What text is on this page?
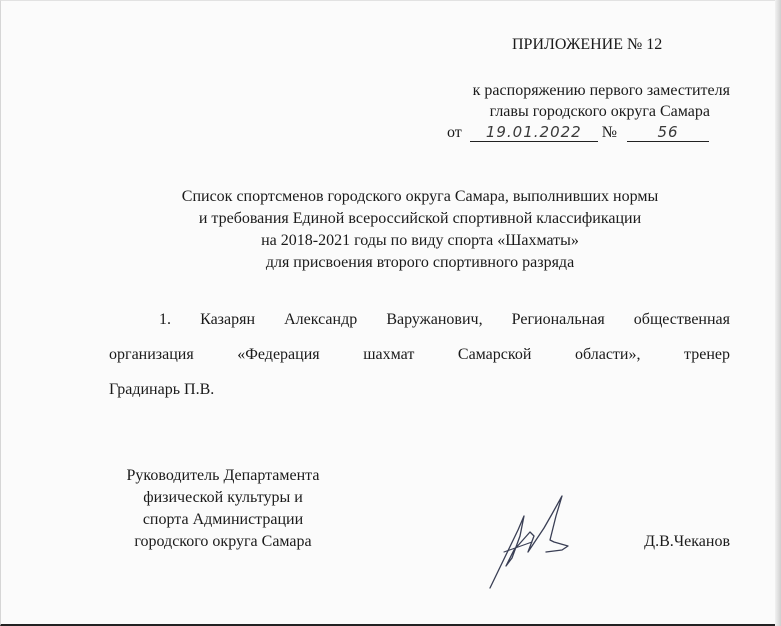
ПРИЛОЖЕНИЕ № 12
к распоряжению первого заместителя
главы городского округа Самара
от 19.01.2022 №	56
Список спортсменов городского округа Самара, выполнивших нормы
и требования Единой всероссийской спортивной классификации
на 2018-2021 годы по виду спорта «Шахматы»
для присвоения второго спортивного разряда
1. Казарян Александр Варужанович, Региональная общественная
организация «Федерация шахмат Самарской области», тренер
Градинарь П.В.
Руководитель Департамента
физической культуры и
спорта Администрации
городского округа Самара	Д.В.Чеканов
